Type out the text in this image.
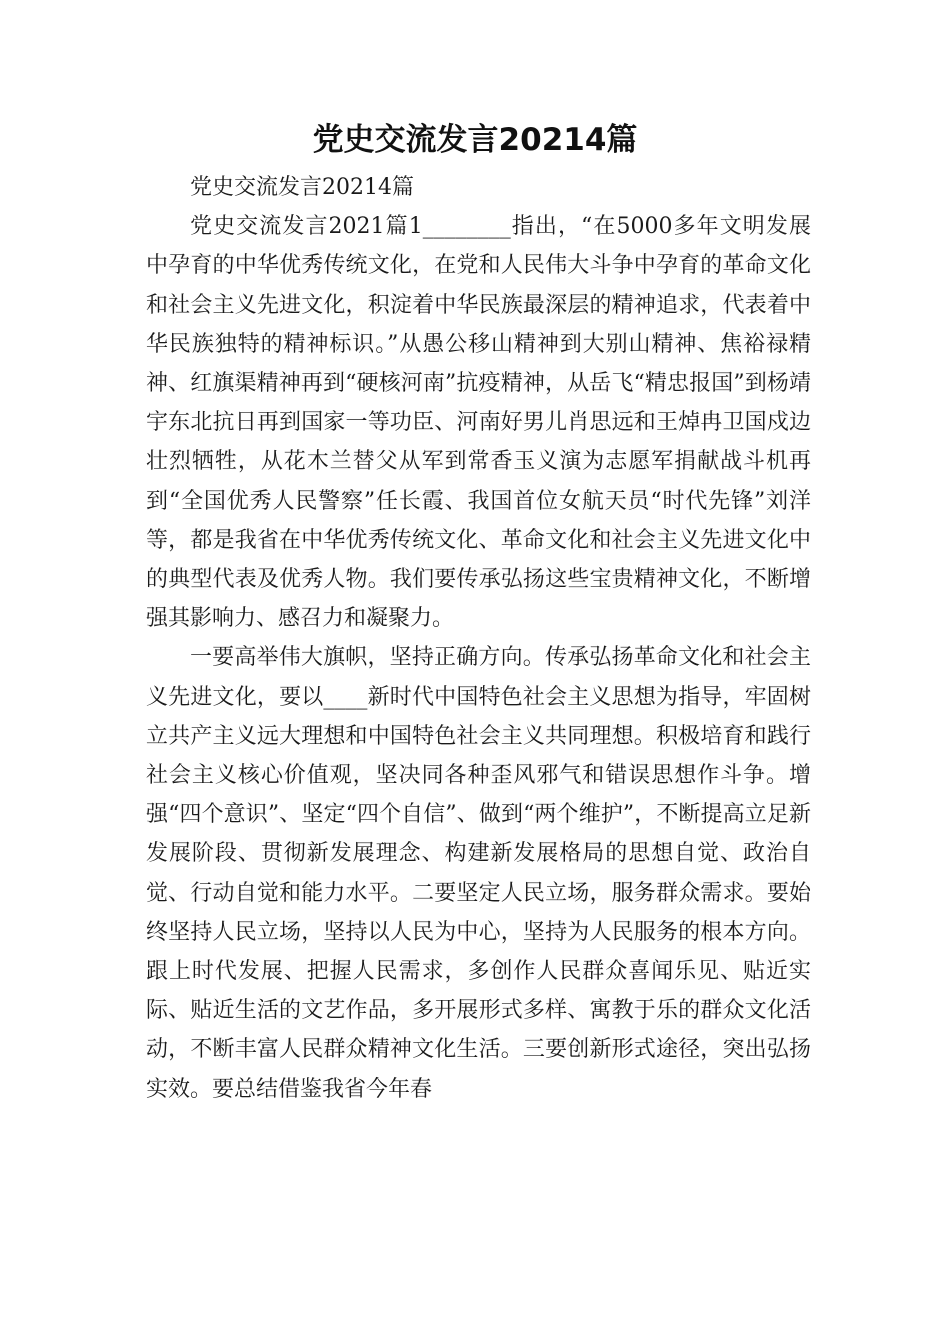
党史交流发言20214篇

党史交流发言20214篇

党史交流发言2021篇1________指出，“在5000多年文明发展中孕育的中华优秀传统文化，在党和人民伟大斗争中孕育的革命文化和社会主义先进文化，积淀着中华民族最深层的精神追求，代表着中华民族独特的精神标识。”从愚公移山精神到大别山精神、焦裕禄精神、红旗渠精神再到“硬核河南”抗疫精神，从岳飞“精忠报国”到杨靖宇东北抗日再到国家一等功臣、河南好男儿肖思远和王焯冉卫国戍边壮烈牺牲，从花木兰替父从军到常香玉义演为志愿军捐献战斗机再到“全国优秀人民警察”任长霞、我国首位女航天员“时代先锋”刘洋等，都是我省在中华优秀传统文化、革命文化和社会主义先进文化中的典型代表及优秀人物。我们要传承弘扬这些宝贵精神文化，不断增强其影响力、感召力和凝聚力。

一要高举伟大旗帜，坚持正确方向。传承弘扬革命文化和社会主义先进文化，要以____新时代中国特色社会主义思想为指导，牢固树立共产主义远大理想和中国特色社会主义共同理想。积极培育和践行社会主义核心价值观，坚决同各种歪风邪气和错误思想作斗争。增强“四个意识”、坚定“四个自信”、做到“两个维护”，不断提高立足新发展阶段、贯彻新发展理念、构建新发展格局的思想自觉、政治自觉、行动自觉和能力水平。二要坚定人民立场，服务群众需求。要始终坚持人民立场，坚持以人民为中心，坚持为人民服务的根本方向。跟上时代发展、把握人民需求，多创作人民群众喜闻乐见、贴近实际、贴近生活的文艺作品，多开展形式多样、寓教于乐的群众文化活动，不断丰富人民群众精神文化生活。三要创新形式途径，突出弘扬实效。要总结借鉴我省今年春
